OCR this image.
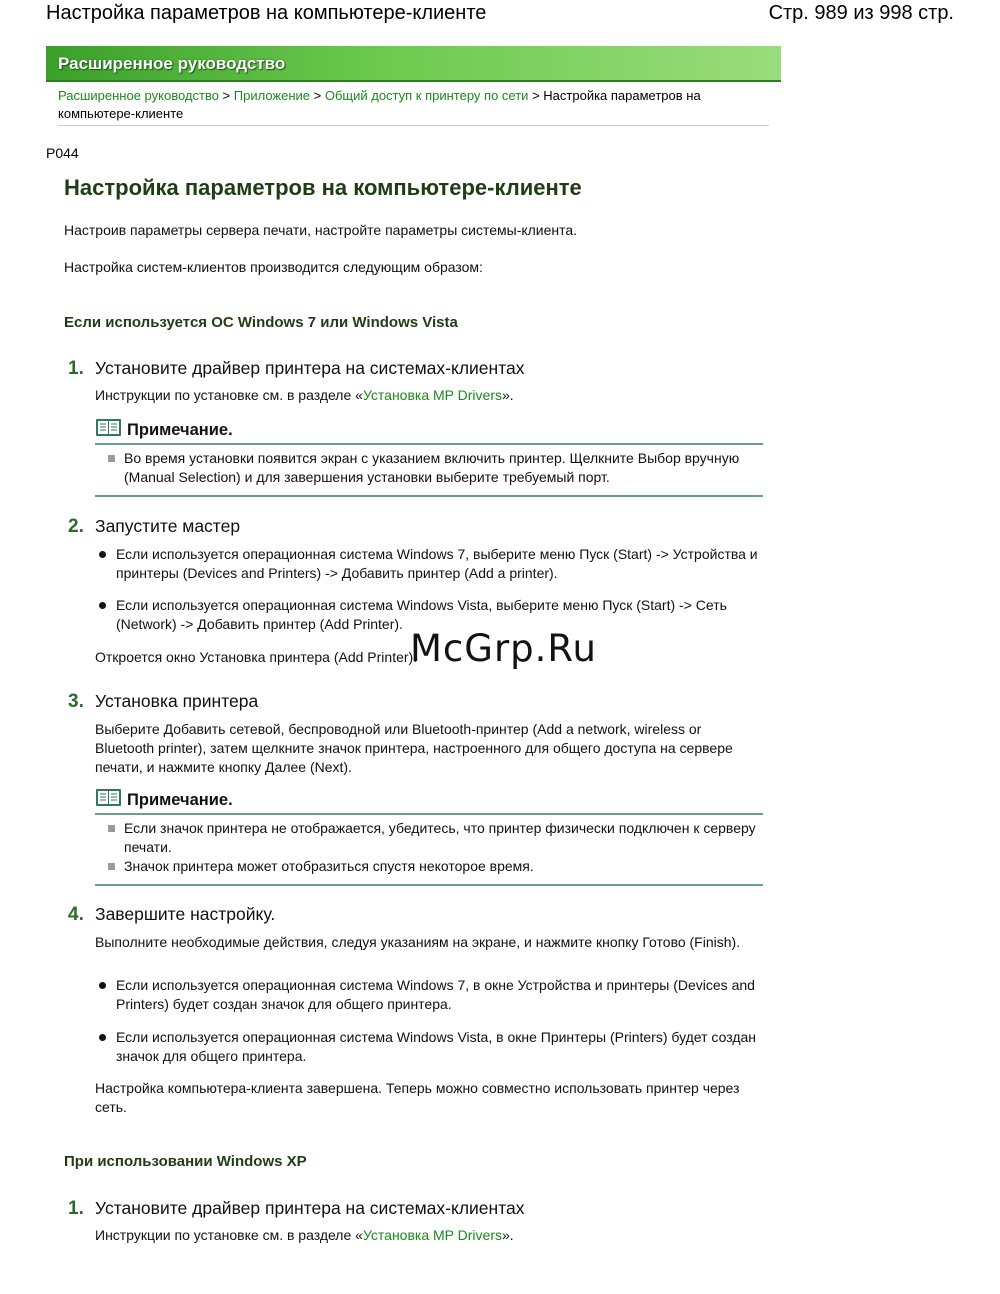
Настройка параметров на компьютере-клиенте	Стр. 989 из 998 стр.
Расширенное руководство
Расширенное руководство > Приложение > Общий доступ к принтеру по сети > Настройка параметров на компьютере-клиенте
P044
Настройка параметров на компьютере-клиенте
Настроив параметры сервера печати, настройте параметры системы-клиента.
Настройка систем-клиентов производится следующим образом:
Если используется ОС Windows 7 или Windows Vista
1. Установите драйвер принтера на системах-клиентах
Инструкции по установке см. в разделе «Установка MP Drivers».
Примечание.
Во время установки появится экран с указанием включить принтер. Щелкните Выбор вручную (Manual Selection) и для завершения установки выберите требуемый порт.
2. Запустите мастер
Если используется операционная система Windows 7, выберите меню Пуск (Start) -> Устройства и принтеры (Devices and Printers) -> Добавить принтер (Add a printer).
Если используется операционная система Windows Vista, выберите меню Пуск (Start) -> Сеть (Network) -> Добавить принтер (Add Printer).
Откроется окно Установка принтера (Add Printer).
3. Установка принтера
Выберите Добавить сетевой, беспроводной или Bluetooth-принтер (Add a network, wireless or Bluetooth printer), затем щелкните значок принтера, настроенного для общего доступа на сервере печати, и нажмите кнопку Далее (Next).
Примечание.
Если значок принтера не отображается, убедитесь, что принтер физически подключен к серверу печати.
Значок принтера может отобразиться спустя некоторое время.
4. Завершите настройку.
Выполните необходимые действия, следуя указаниям на экране, и нажмите кнопку Готово (Finish).
Если используется операционная система Windows 7, в окне Устройства и принтеры (Devices and Printers) будет создан значок для общего принтера.
Если используется операционная система Windows Vista, в окне Принтеры (Printers) будет создан значок для общего принтера.
Настройка компьютера-клиента завершена. Теперь можно совместно использовать принтер через сеть.
При использовании Windows XP
1. Установите драйвер принтера на системах-клиентах
Инструкции по установке см. в разделе «Установка MP Drivers».
McGrp.Ru
